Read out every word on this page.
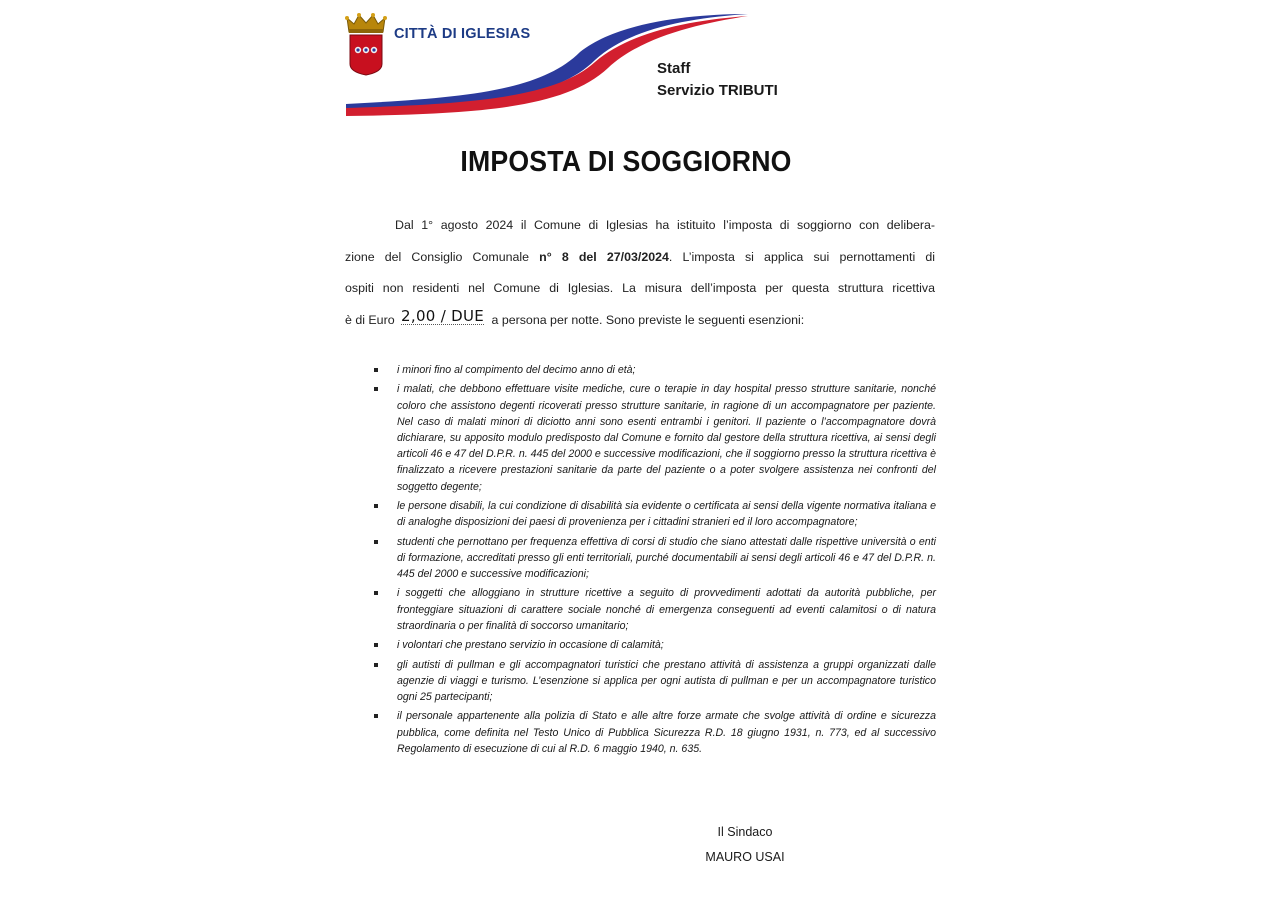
CITTÀ DI IGLESIAS
Staff
Servizio TRIBUTI
IMPOSTA DI SOGGIORNO
Dal 1° agosto 2024 il Comune di Iglesias ha istituito l’imposta di soggiorno con delibera-
zione del Consiglio Comunale n° 8 del 27/03/2024. L’imposta si applica sui pernottamenti di
ospiti non residenti nel Comune di Iglesias. La misura dell’imposta per questa struttura ricettiva
è di Euro 2,00 / DUE a persona per notte. Sono previste le seguenti esenzioni:
i minori fino al compimento del decimo anno di età;
i malati, che debbono effettuare visite mediche, cure o terapie in day hospital presso strutture sanitarie, nonché coloro che assistono degenti ricoverati presso strutture sanitarie, in ragione di un accompagnatore per paziente. Nel caso di malati minori di diciotto anni sono esenti entrambi i genitori. Il paziente o l’accompagnatore dovrà dichiarare, su apposito modulo predisposto dal Comune e fornito dal gestore della struttura ricettiva, ai sensi degli articoli 46 e 47 del D.P.R. n. 445 del 2000 e successive modificazioni, che il soggiorno presso la struttura ricettiva è finalizzato a ricevere prestazioni sanitarie da parte del paziente o a poter svolgere assistenza nei confronti del soggetto degente;
le persone disabili, la cui condizione di disabilità sia evidente o certificata ai sensi della vigente normativa italiana e di analoghe disposizioni dei paesi di provenienza per i cittadini stranieri ed il loro accompagnatore;
studenti che pernottano per frequenza effettiva di corsi di studio che siano attestati dalle rispettive università o enti di formazione, accreditati presso gli enti territoriali, purché documentabili ai sensi degli articoli 46 e 47 del D.P.R. n. 445 del 2000 e successive modificazioni;
i soggetti che alloggiano in strutture ricettive a seguito di provvedimenti adottati da autorità pubbliche, per fronteggiare situazioni di carattere sociale nonché di emergenza conseguenti ad eventi calamitosi o di natura straordinaria o per finalità di soccorso umanitario;
i volontari che prestano servizio in occasione di calamità;
gli autisti di pullman e gli accompagnatori turistici che prestano attività di assistenza a gruppi organizzati dalle agenzie di viaggi e turismo. L’esenzione si applica per ogni autista di pullman e per un accompagnatore turistico ogni 25 partecipanti;
il personale appartenente alla polizia di Stato e alle altre forze armate che svolge attività di ordine e sicurezza pubblica, come definita nel Testo Unico di Pubblica Sicurezza R.D. 18 giugno 1931, n. 773, ed al successivo Regolamento di esecuzione di cui al R.D. 6 maggio 1940, n. 635.
Il Sindaco
MAURO USAI
